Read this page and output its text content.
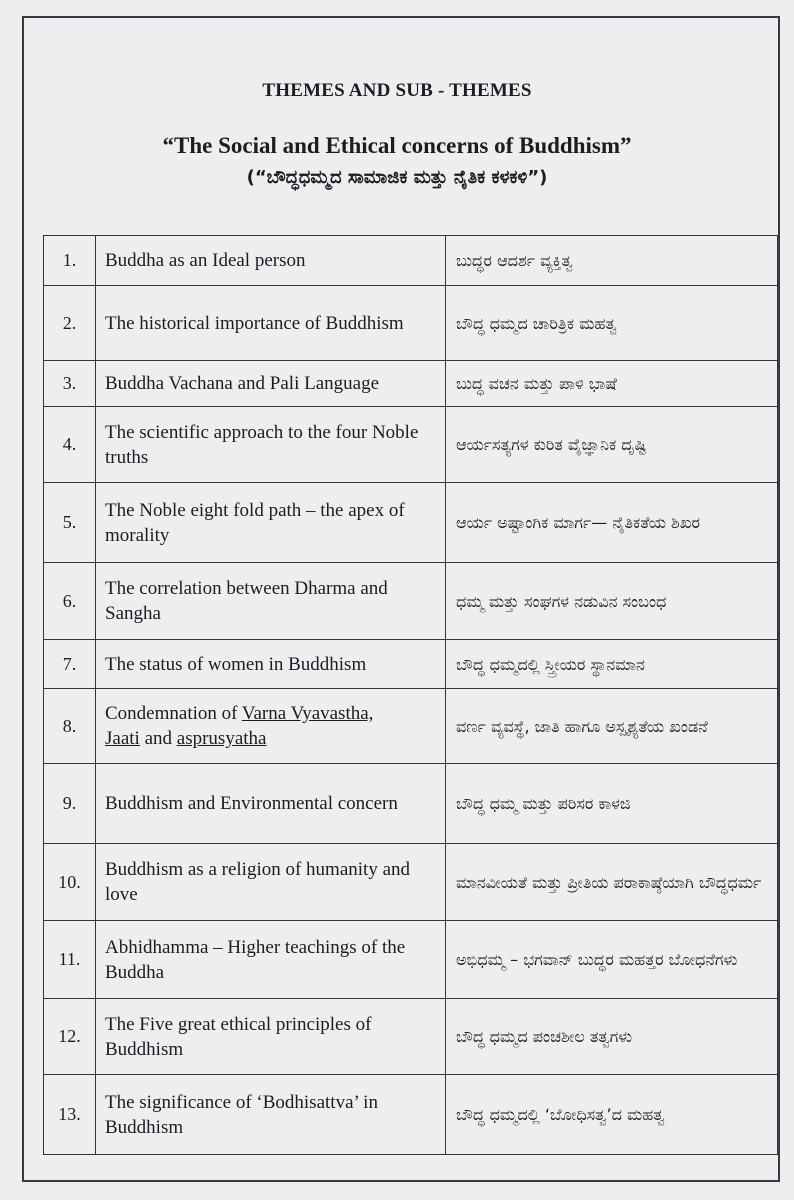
THEMES AND SUB - THEMES
“The Social and Ethical concerns of Buddhism”
(“ಬೌದ್ಧಧಮ್ಮದ ಸಾಮಾಜಿಕ ಮತ್ತು ನೈತಿಕ ಕಳಕಳಿ”)
1.	Buddha as an Ideal person	ಬುದ್ಧರ ಆದರ್ಶ ವ್ಯಕ್ತಿತ್ವ
2.	The historical importance of Buddhism	ಬೌದ್ಧ ಧಮ್ಮದ ಚಾರಿತ್ರಿಕ ಮಹತ್ವ
3.	Buddha Vachana and Pali Language	ಬುದ್ಧ ವಚನ ಮತ್ತು ಪಾಳಿ ಭಾಷೆ
4.	The scientific approach to the four Noble truths	ಆರ್ಯಸತ್ಯಗಳ ಕುರಿತ ವೈಜ್ಞಾನಿಕ ದೃಷ್ಟಿ
5.	The Noble eight fold path – the apex of morality	ಆರ್ಯ ಅಷ್ಟಾಂಗಿಕ ಮಾರ್ಗ— ನೈತಿಕತೆಯ ಶಿಖರ
6.	The correlation between Dharma and Sangha	ಧಮ್ಮ ಮತ್ತು ಸಂಘಗಳ ನಡುವಿನ ಸಂಬಂಧ
7.	The status of women in Buddhism	ಬೌದ್ಧ ಧಮ್ಮದಲ್ಲಿ ಸ್ತ್ರೀಯರ ಸ್ಥಾನಮಾನ
8.	Condemnation of Varna Vyavastha,
Jaati and asprusyatha	ವರ್ಣ ವ್ಯವಸ್ಥೆ, ಜಾತಿ ಹಾಗೂ ಅಸ್ಪೃಶ್ಯತೆಯ ಖಂಡನೆ
9.	Buddhism and Environmental concern	ಬೌದ್ಧ ಧಮ್ಮ ಮತ್ತು ಪರಿಸರ ಕಾಳಜಿ
10.	Buddhism as a religion of humanity and love	ಮಾನವೀಯತೆ ಮತ್ತು ಪ್ರೀತಿಯ ಪರಾಕಾಷ್ಠೆಯಾಗಿ ಬೌದ್ಧಧರ್ಮ
11.	Abhidhamma – Higher teachings of the Buddha	ಅಭಿಧಮ್ಮ – ಭಗವಾನ್ ಬುದ್ಧರ ಮಹತ್ತರ ಬೋಧನೆಗಳು
12.	The Five great ethical principles of Buddhism	ಬೌದ್ಧ ಧಮ್ಮದ ಪಂಚಶೀಲ ತತ್ವಗಳು
13.	The significance of ‘Bodhisattva’ in Buddhism	ಬೌದ್ಧ ಧಮ್ಮದಲ್ಲಿ ‘ಬೋಧಿಸತ್ವ’ದ ಮಹತ್ವ
